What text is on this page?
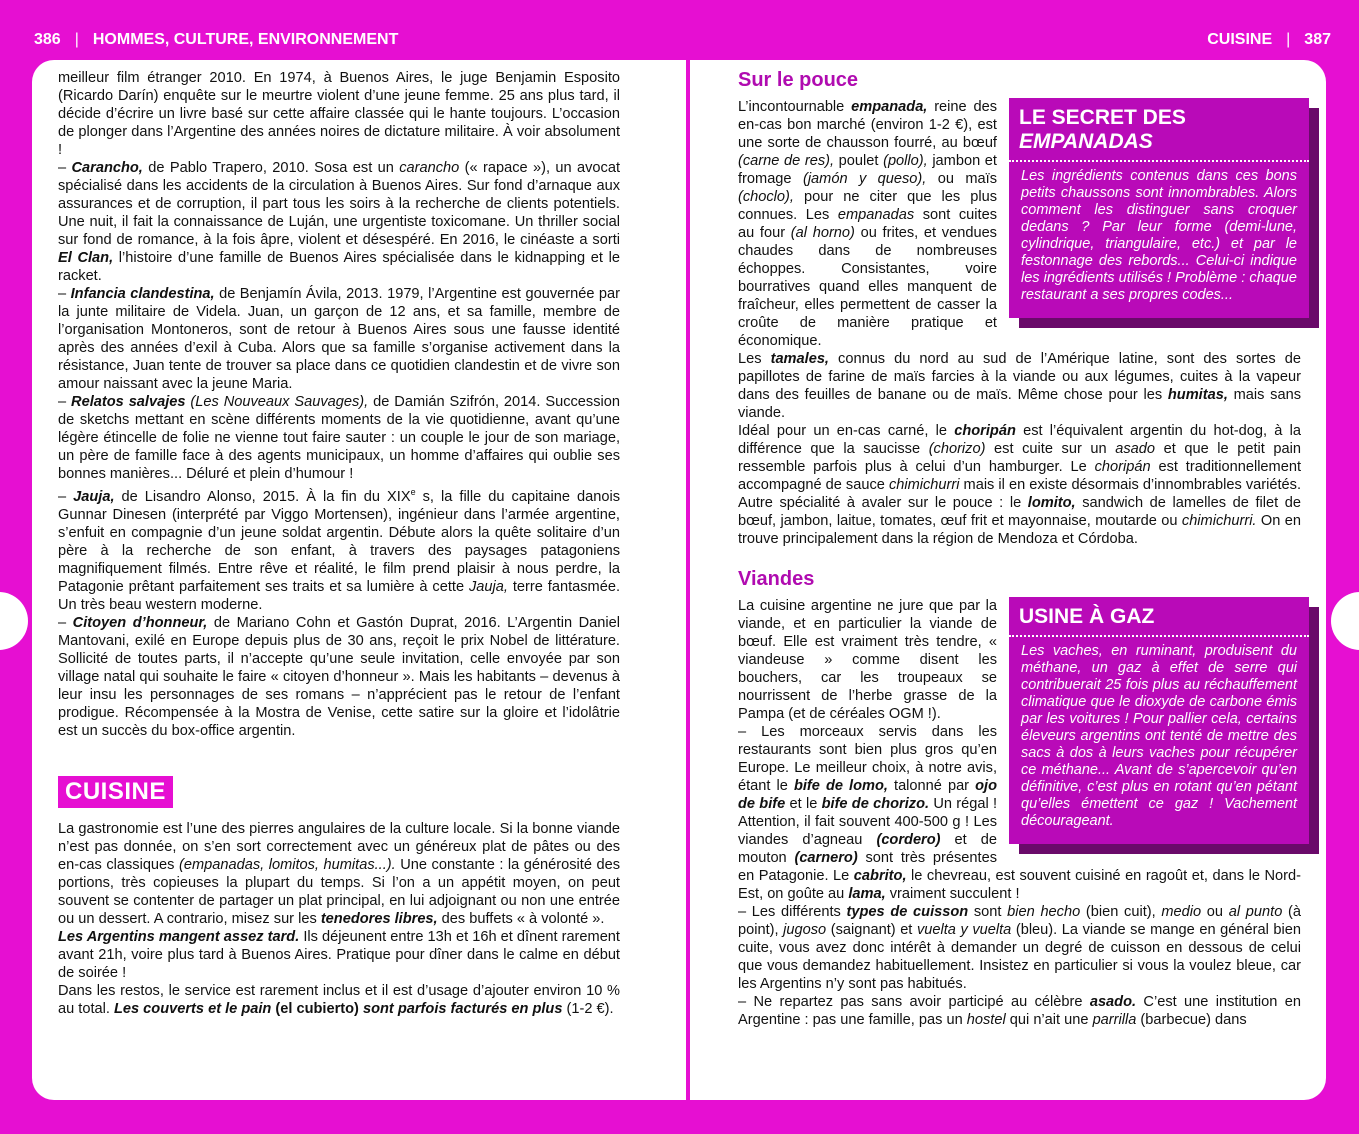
386 | HOMMES, CULTURE, ENVIRONNEMENT	CUISINE | 387

meilleur film étranger 2010. En 1974, à Buenos Aires, le juge Benjamin Esposito (Ricardo Darín) enquête sur le meurtre violent d’une jeune femme. 25 ans plus tard, il décide d’écrire un livre basé sur cette affaire classée qui le hante toujours. L’occasion de plonger dans l’Argentine des années noires de dictature militaire. À voir absolument !

– Carancho, de Pablo Trapero, 2010. Sosa est un carancho (« rapace »), un avocat spécialisé dans les accidents de la circulation à Buenos Aires. Sur fond d’arnaque aux assurances et de corruption, il part tous les soirs à la recherche de clients potentiels. Une nuit, il fait la connaissance de Luján, une urgentiste toxicomane. Un thriller social sur fond de romance, à la fois âpre, violent et désespéré. En 2016, le cinéaste a sorti El Clan, l’histoire d’une famille de Buenos Aires spécialisée dans le kidnapping et le racket.

– Infancia clandestina, de Benjamín Ávila, 2013. 1979, l’Argentine est gouvernée par la junte militaire de Videla. Juan, un garçon de 12 ans, et sa famille, membre de l’organisation Montoneros, sont de retour à Buenos Aires sous une fausse identité après des années d’exil à Cuba. Alors que sa famille s’organise activement dans la résistance, Juan tente de trouver sa place dans ce quotidien clandestin et de vivre son amour naissant avec la jeune Maria.

– Relatos salvajes (Les Nouveaux Sauvages), de Damián Szifrón, 2014. Succession de sketchs mettant en scène différents moments de la vie quotidienne, avant qu’une légère étincelle de folie ne vienne tout faire sauter : un couple le jour de son mariage, un père de famille face à des agents municipaux, un homme d’affaires qui oublie ses bonnes manières... Déluré et plein d’humour !

– Jauja, de Lisandro Alonso, 2015. À la fin du XIXe s, la fille du capitaine danois Gunnar Dinesen (interprété par Viggo Mortensen), ingénieur dans l’armée argentine, s’enfuit en compagnie d’un jeune soldat argentin. Débute alors la quête solitaire d’un père à la recherche de son enfant, à travers des paysages patagoniens magnifiquement filmés. Entre rêve et réalité, le film prend plaisir à nous perdre, la Patagonie prêtant parfaitement ses traits et sa lumière à cette Jauja, terre fantasmée. Un très beau western moderne.

– Citoyen d’honneur, de Mariano Cohn et Gastón Duprat, 2016. L’Argentin Daniel Mantovani, exilé en Europe depuis plus de 30 ans, reçoit le prix Nobel de littérature. Sollicité de toutes parts, il n’accepte qu’une seule invitation, celle envoyée par son village natal qui souhaite le faire « citoyen d’honneur ». Mais les habitants – devenus à leur insu les personnages de ses romans – n’apprécient pas le retour de l’enfant prodigue. Récompensée à la Mostra de Venise, cette satire sur la gloire et l’idolâtrie est un succès du box-office argentin.

CUISINE

La gastronomie est l’une des pierres angulaires de la culture locale. Si la bonne viande n’est pas donnée, on s’en sort correctement avec un généreux plat de pâtes ou des en-cas classiques (empanadas, lomitos, humitas...). Une constante : la générosité des portions, très copieuses la plupart du temps. Si l’on a un appétit moyen, on peut souvent se contenter de partager un plat principal, en lui adjoignant ou non une entrée ou un dessert. A contrario, misez sur les tenedores libres, des buffets « à volonté ».

Les Argentins mangent assez tard. Ils déjeunent entre 13h et 16h et dînent rarement avant 21h, voire plus tard à Buenos Aires. Pratique pour dîner dans le calme en début de soirée !

Dans les restos, le service est rarement inclus et il est d’usage d’ajouter environ 10 % au total. Les couverts et le pain (el cubierto) sont parfois facturés en plus (1-2 €).

Sur le pouce
LE SECRET DES EMPANADAS

Les ingrédients contenus dans ces bons petits chaussons sont innombrables. Alors comment les distinguer sans croquer dedans ? Par leur forme (demi-lune, cylindrique, triangulaire, etc.) et par le festonnage des rebords... Celui-ci indique les ingrédients utilisés ! Problème : chaque restaurant a ses propres codes...

L’incontournable empanada, reine des en-cas bon marché (environ 1-2 €), est une sorte de chausson fourré, au bœuf (carne de res), poulet (pollo), jambon et fromage (jamón y queso), ou maïs (choclo), pour ne citer que les plus connues. Les empanadas sont cuites au four (al horno) ou frites, et vendues chaudes dans de nombreuses échoppes. Consistantes, voire bourratives quand elles manquent de fraîcheur, elles permettent de casser la croûte de manière pratique et économique.

Les tamales, connus du nord au sud de l’Amérique latine, sont des sortes de papillotes de farine de maïs farcies à la viande ou aux légumes, cuites à la vapeur dans des feuilles de banane ou de maïs. Même chose pour les humitas, mais sans viande.

Idéal pour un en-cas carné, le choripán est l’équivalent argentin du hot-dog, à la différence que la saucisse (chorizo) est cuite sur un asado et que le petit pain ressemble parfois plus à celui d’un hamburger. Le choripán est traditionnellement accompagné de sauce chimichurri mais il en existe désormais d’innombrables variétés. Autre spécialité à avaler sur le pouce : le lomito, sandwich de lamelles de filet de bœuf, jambon, laitue, tomates, œuf frit et mayonnaise, moutarde ou chimichurri. On en trouve principalement dans la région de Mendoza et Córdoba.

Viandes
USINE À GAZ

Les vaches, en ruminant, produisent du méthane, un gaz à effet de serre qui contribuerait 25 fois plus au réchauffement climatique que le dioxyde de carbone émis par les voitures ! Pour pallier cela, certains éleveurs argentins ont tenté de mettre des sacs à dos à leurs vaches pour récupérer ce méthane... Avant de s’apercevoir qu’en définitive, c’est plus en rotant qu’en pétant qu’elles émettent ce gaz ! Vachement décourageant.

La cuisine argentine ne jure que par la viande, et en particulier la viande de bœuf. Elle est vraiment très tendre, « viandeuse » comme disent les bouchers, car les troupeaux se nourrissent de l’herbe grasse de la Pampa (et de céréales OGM !).

– Les morceaux servis dans les restaurants sont bien plus gros qu’en Europe. Le meilleur choix, à notre avis, étant le bife de lomo, talonné par ojo de bife et le bife de chorizo. Un régal ! Attention, il fait souvent 400-500 g ! Les viandes d’agneau (cordero) et de mouton (carnero) sont très présentes en Patagonie. Le cabrito, le chevreau, est souvent cuisiné en ragoût et, dans le Nord-Est, on goûte au lama, vraiment succulent !

– Les différents types de cuisson sont bien hecho (bien cuit), medio ou al punto (à point), jugoso (saignant) et vuelta y vuelta (bleu). La viande se mange en général bien cuite, vous avez donc intérêt à demander un degré de cuisson en dessous de celui que vous demandez habituellement. Insistez en particulier si vous la voulez bleue, car les Argentins n’y sont pas habitués.

– Ne repartez pas sans avoir participé au célèbre asado. C’est une institution en Argentine : pas une famille, pas un hostel qui n’ait une parrilla (barbecue) dans
